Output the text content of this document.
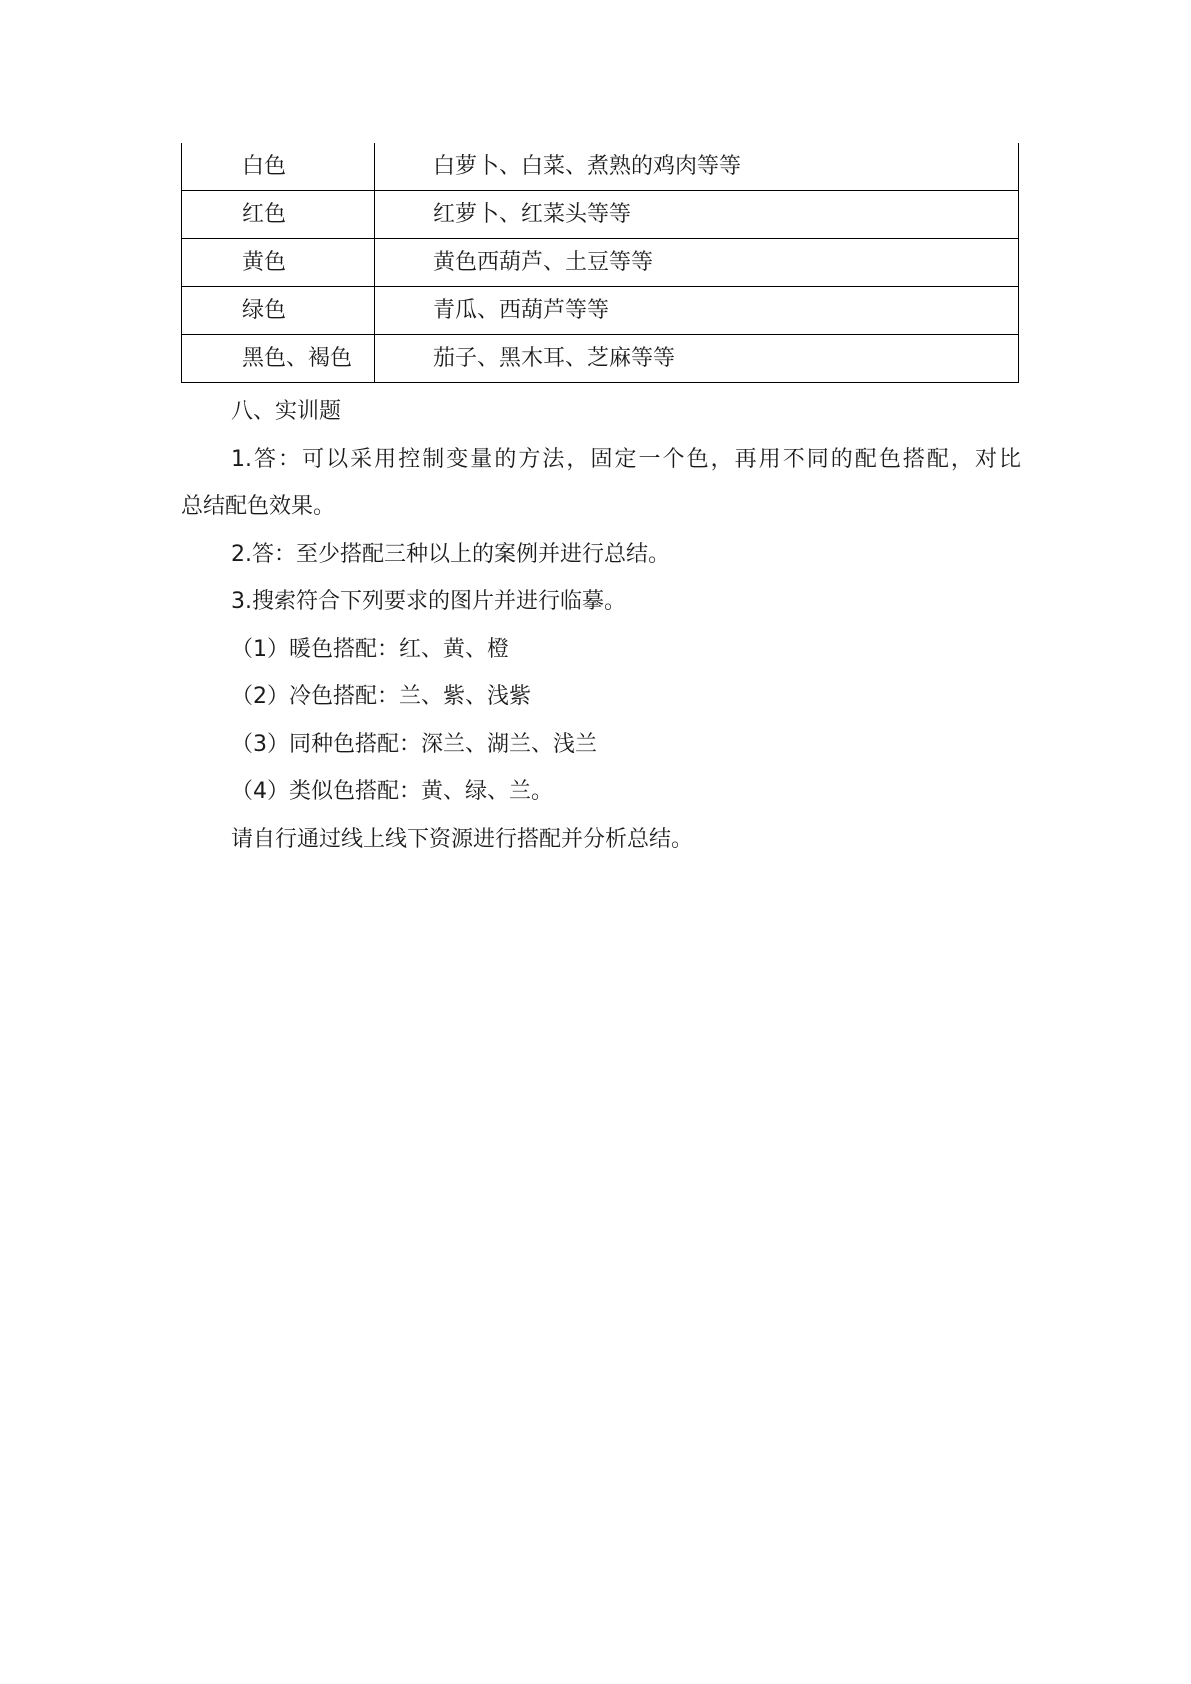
白色	白萝卜、白菜、煮熟的鸡肉等等
红色	红萝卜、红菜头等等
黄色	黄色西葫芦、土豆等等
绿色	青瓜、西葫芦等等
黑色、褐色	茄子、黑木耳、芝麻等等

八、实训题

1.答：可以采用控制变量的方法，固定一个色，再用不同的配色搭配，对比

总结配色效果。

2.答：至少搭配三种以上的案例并进行总结。

3.搜索符合下列要求的图片并进行临摹。

（1）暖色搭配：红、黄、橙

（2）冷色搭配：兰、紫、浅紫

（3）同种色搭配：深兰、湖兰、浅兰

（4）类似色搭配：黄、绿、兰。

请自行通过线上线下资源进行搭配并分析总结。
